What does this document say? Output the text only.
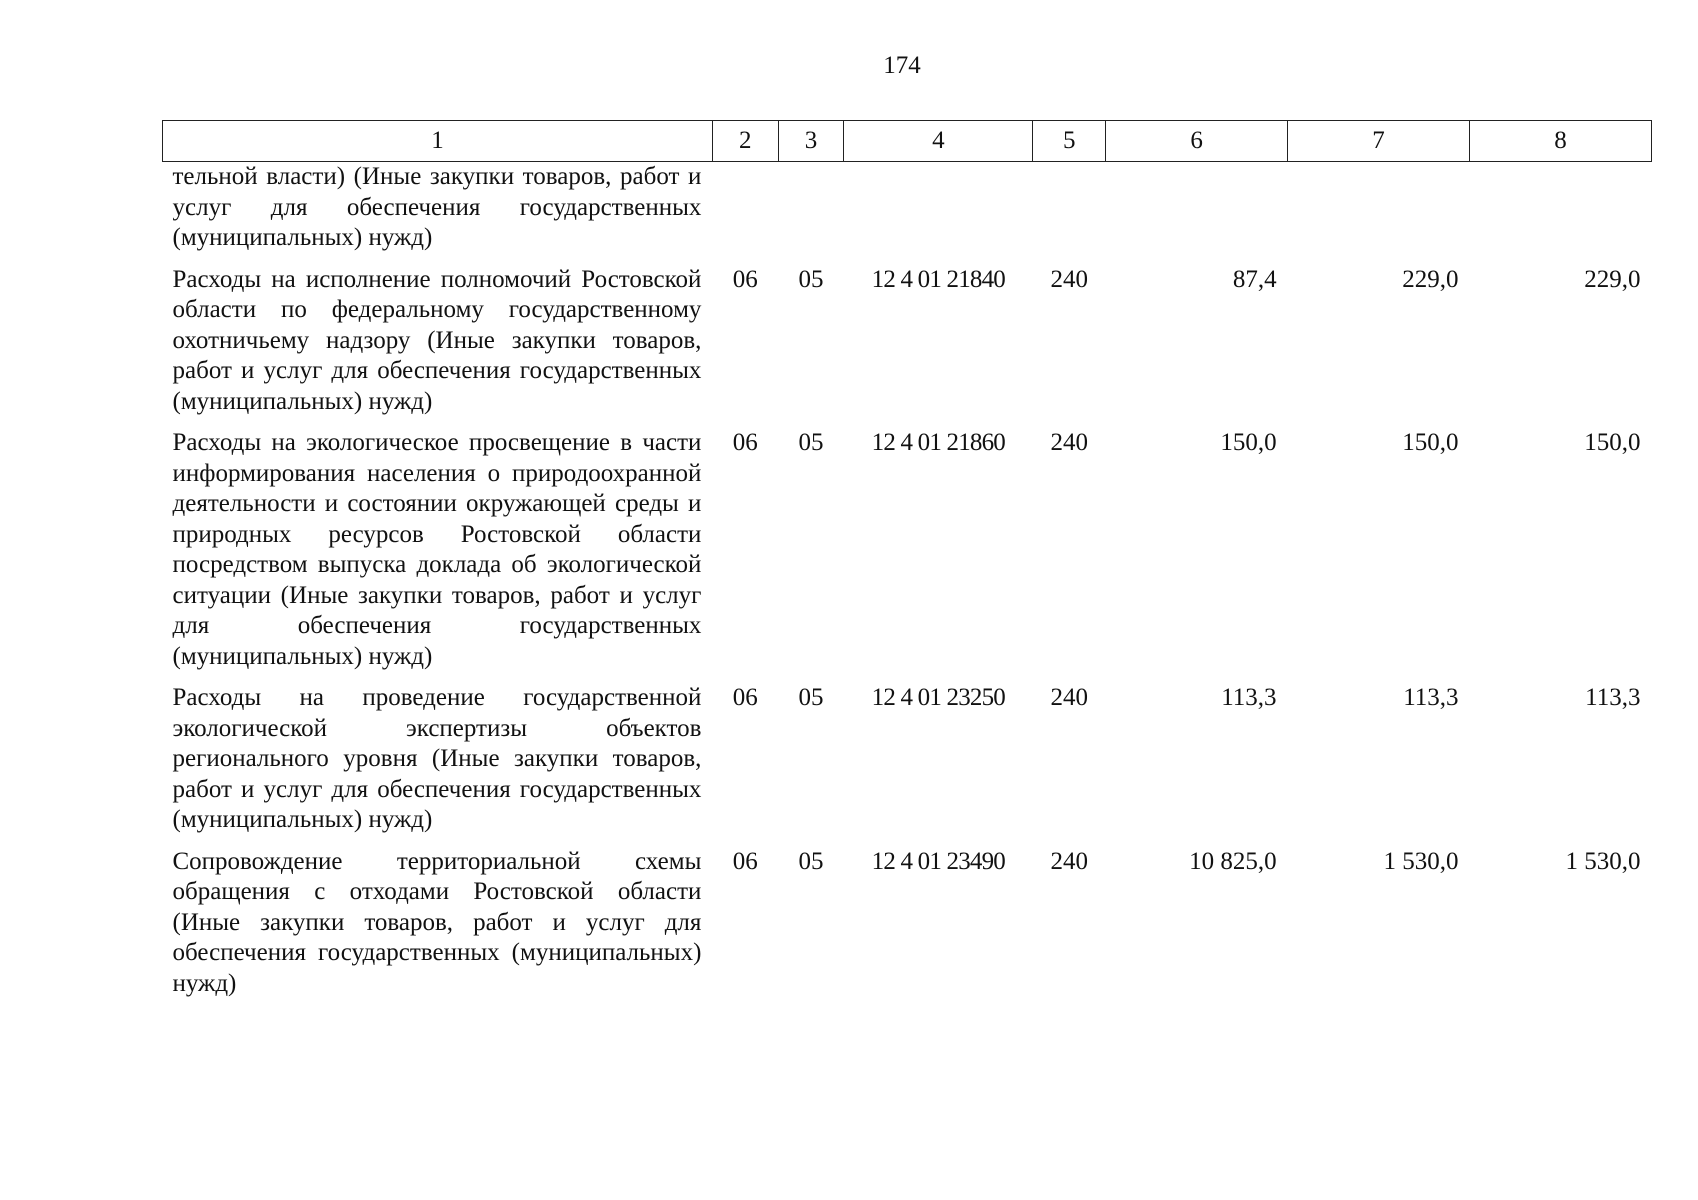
174
1	2	3	4	5	6	7	8
тельной власти) (Иные закупки товаров, работ и услуг для обеспечения государственных (муниципальных) нужд)							
Расходы на исполнение полномочий Ростовской области по федеральному государственному охотничьему надзору (Иные закупки товаров, работ и услуг для обеспечения государственных (муниципальных) нужд)	06	05	12 4 01 21840	240	87,4	229,0	229,0
Расходы на экологическое просвещение в части информирования населения о природоохранной деятельности и состоянии окружающей среды и природных ресурсов Ростовской области посредством выпуска доклада об экологической ситуации (Иные закупки товаров, работ и услуг для обеспечения государственных (муниципальных) нужд)	06	05	12 4 01 21860	240	150,0	150,0	150,0
Расходы на проведение государственной экологической экспертизы объектов регионального уровня (Иные закупки товаров, работ и услуг для обеспечения государственных (муниципальных) нужд)	06	05	12 4 01 23250	240	113,3	113,3	113,3
Сопровождение территориальной схемы обращения с отходами Ростовской области (Иные закупки товаров, работ и услуг для обеспечения государственных (муниципальных) нужд)	06	05	12 4 01 23490	240	10 825,0	1 530,0	1 530,0
